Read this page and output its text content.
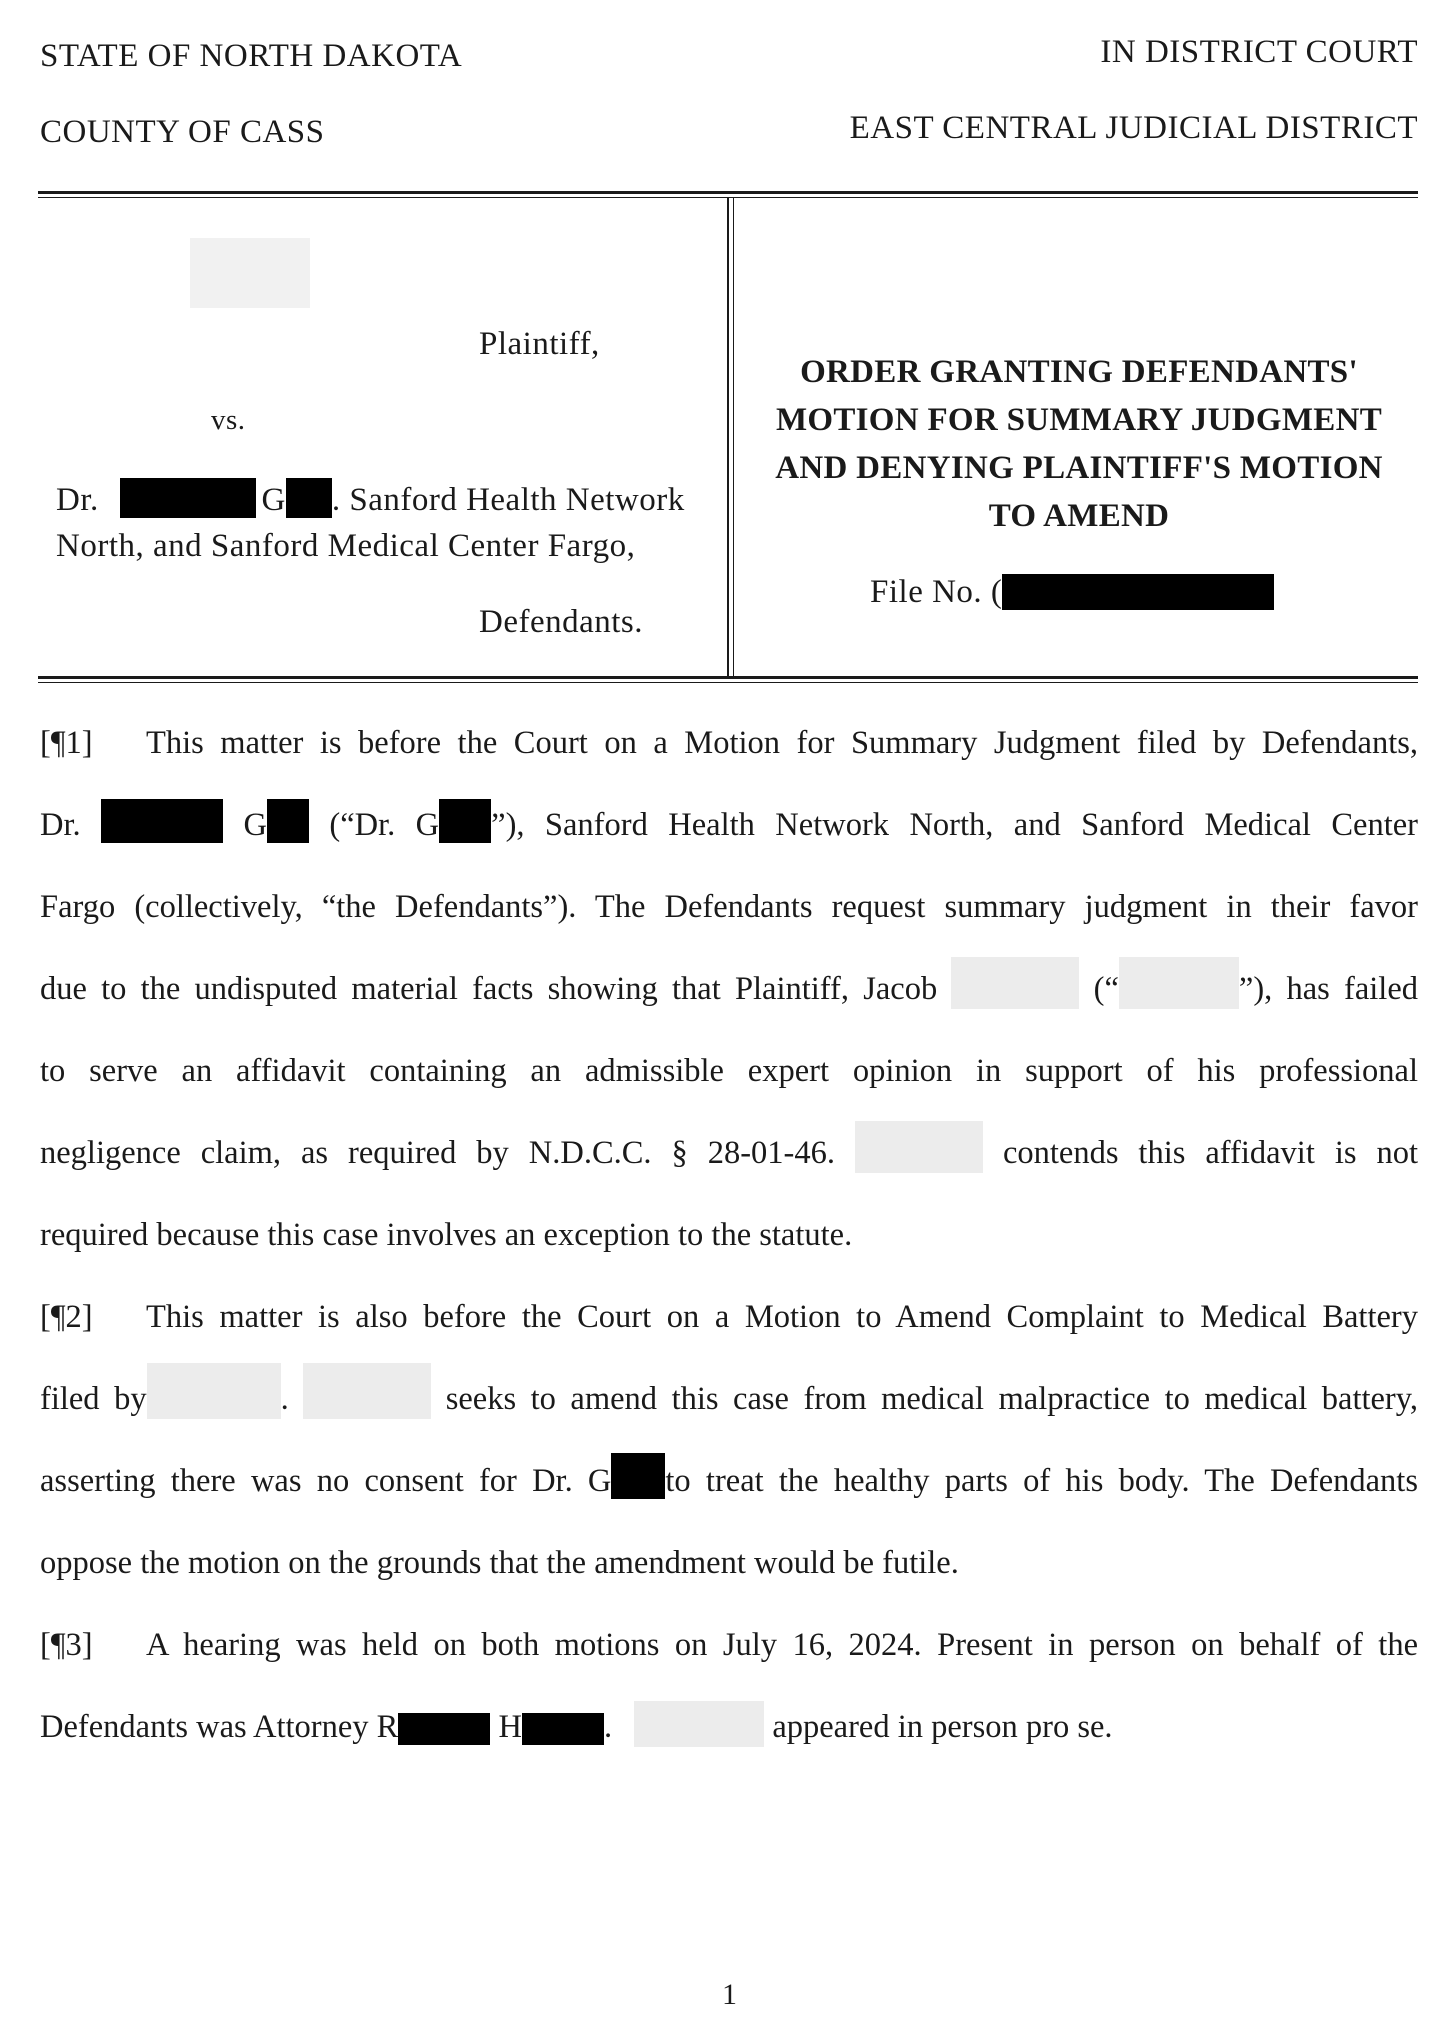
STATE OF NORTH DAKOTA
COUNTY OF CASS
IN DISTRICT COURT
EAST CENTRAL JUDICIAL DISTRICT
Plaintiff,
vs.
Dr.	G . Sanford Health Network
North, and Sanford Medical Center Fargo,
Defendants.
ORDER GRANTING DEFENDANTS'
MOTION FOR SUMMARY JUDGMENT
AND DENYING PLAINTIFF'S MOTION
TO AMEND
File No. (
[¶1]	This matter is before the Court on a Motion for Summary Judgment filed by Defendants,
Dr.	G (“Dr. G ”), Sanford Health Network North, and Sanford Medical Center
Fargo (collectively, “the Defendants”). The Defendants request summary judgment in their favor
due to the undisputed material facts showing that Plaintiff, Jacob	(“	”), has failed
to serve an affidavit containing an admissible expert opinion in support of his professional
negligence claim, as required by N.D.C.C. § 28-01-46.	contends this affidavit is not
required because this case involves an exception to the statute.
[¶2]	This matter is also before the Court on a Motion to Amend Complaint to Medical Battery
filed by	.	seeks to amend this case from medical malpractice to medical battery,
asserting there was no consent for Dr. G to treat the healthy parts of his body. The Defendants
oppose the motion on the grounds that the amendment would be futile.
[¶3]	A hearing was held on both motions on July 16, 2024. Present in person on behalf of the
Defendants was Attorney R	H	.	appeared in person pro se.
1
